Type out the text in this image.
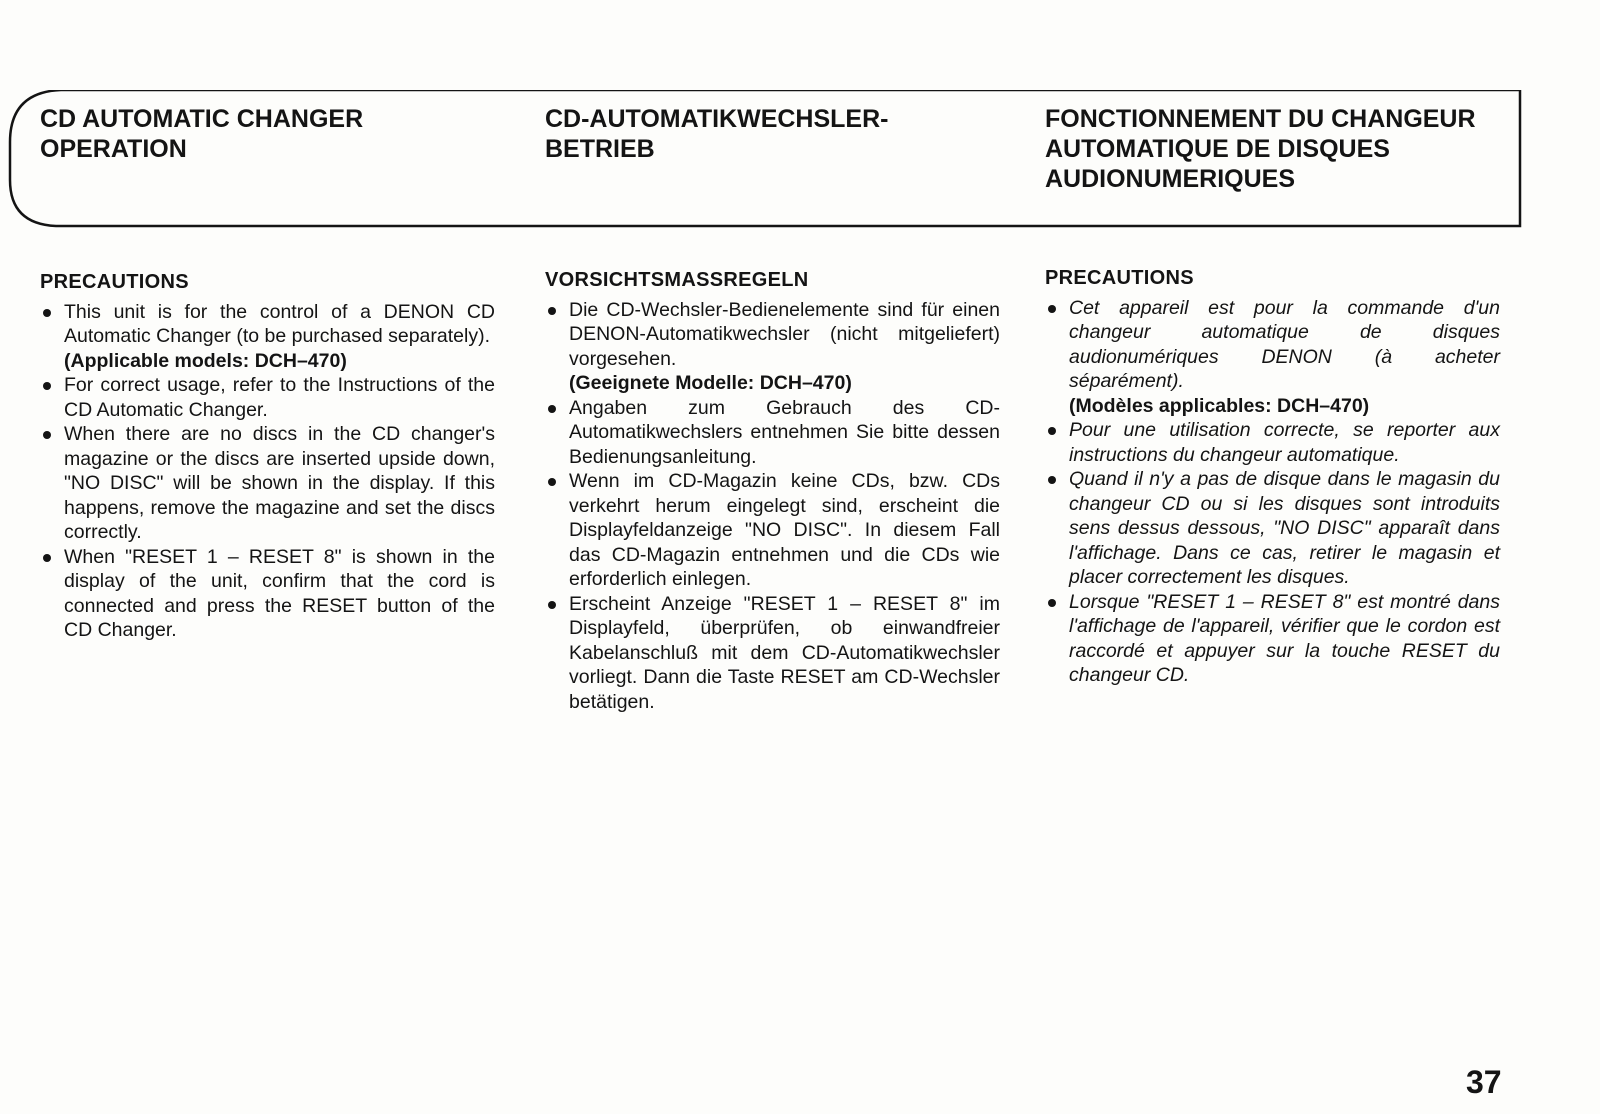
CD AUTOMATIC CHANGER OPERATION
CD-AUTOMATIKWECHSLER-BETRIEB
FONCTIONNEMENT DU CHANGEUR AUTOMATIQUE DE DISQUES AUDIONUMERIQUES
PRECAUTIONS
This unit is for the control of a DENON CD Automatic Changer (to be purchased separately).
(Applicable models: DCH–470)
For correct usage, refer to the Instructions of the CD Automatic Changer.
When there are no discs in the CD changer's magazine or the discs are inserted upside down, "NO DISC" will be shown in the display. If this happens, remove the magazine and set the discs correctly.
When "RESET 1 – RESET 8" is shown in the display of the unit, confirm that the cord is connected and press the RESET button of the CD Changer.
VORSICHTSMASSREGELN
Die CD-Wechsler-Bedienelemente sind für einen DENON-Automatikwechsler (nicht mitgeliefert) vorgesehen.
(Geeignete Modelle: DCH–470)
Angaben zum Gebrauch des CD-Automatikwechslers entnehmen Sie bitte dessen Bedienungsanleitung.
Wenn im CD-Magazin keine CDs, bzw. CDs verkehrt herum eingelegt sind, erscheint die Displayfeldanzeige "NO DISC". In diesem Fall das CD-Magazin entnehmen und die CDs wie erforderlich einlegen.
Erscheint Anzeige "RESET 1 – RESET 8" im Displayfeld, überprüfen, ob einwandfreier Kabelanschluß mit dem CD-Automatikwechsler vorliegt. Dann die Taste RESET am CD-Wechsler betätigen.
PRECAUTIONS
Cet appareil est pour la commande d'un changeur automatique de disques audionumériques DENON (à acheter séparément).
(Modèles applicables: DCH–470)
Pour une utilisation correcte, se reporter aux instructions du changeur automatique.
Quand il n'y a pas de disque dans le magasin du changeur CD ou si les disques sont introduits sens dessus dessous, "NO DISC" apparaît dans l'affichage. Dans ce cas, retirer le magasin et placer correctement les disques.
Lorsque "RESET 1 – RESET 8" est montré dans l'affichage de l'appareil, vérifier que le cordon est raccordé et appuyer sur la touche RESET du changeur CD.
37
